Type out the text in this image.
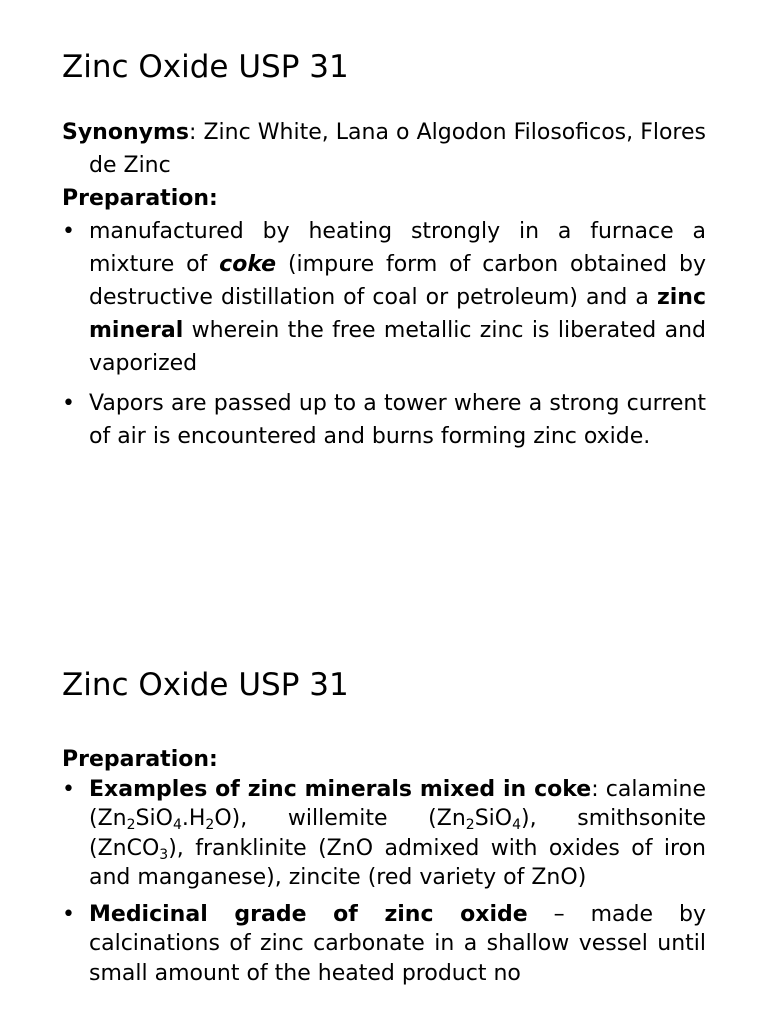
Zinc Oxide USP 31

Synonyms: Zinc White, Lana o Algodon Filosoficos, Flores de Zinc

Preparation:

• manufactured by heating strongly in a furnace a mixture of coke (impure form of carbon obtained by destructive distillation of coal or petroleum) and a zinc mineral wherein the free metallic zinc is liberated and vaporized
• Vapors are passed up to a tower where a strong current of air is encountered and burns forming zinc oxide.
Zinc Oxide USP 31

Preparation:

• Examples of zinc minerals mixed in coke: calamine $(Zn_2SiO_4.H_2O)$, willemite $(Zn_2SiO_4)$, smithsonite (ZnCO$_3$), franklinite (ZnO admixed with oxides of iron and manganese), zincite (red variety of ZnO)
• Medicinal grade of zinc oxide – made by calcinations of zinc carbonate in a shallow vessel until small amount of the heated product no
